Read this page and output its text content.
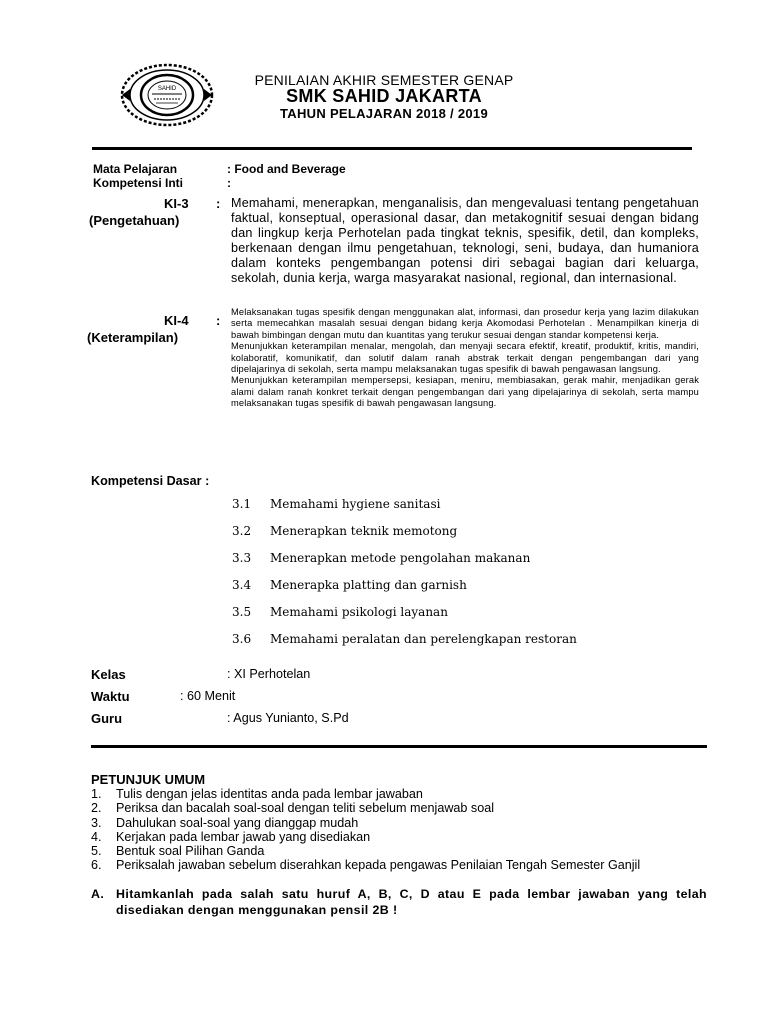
SAHID
PENILAIAN AKHIR SEMESTER GENAP
SMK SAHID JAKARTA
TAHUN PELAJARAN 2018 / 2019
Mata Pelajaran	: Food and Beverage
Kompetensi Inti	:
KI-3 :
(Pengetahuan)
Memahami, menerapkan, menganalisis, dan mengevaluasi tentang pengetahuan faktual, konseptual, operasional dasar, dan metakognitif sesuai dengan bidang dan lingkup kerja Perhotelan pada tingkat teknis, spesifik, detil, dan kompleks, berkenaan dengan ilmu pengetahuan, teknologi, seni, budaya, dan humaniora dalam konteks pengembangan potensi diri sebagai bagian dari keluarga, sekolah, dunia kerja, warga masyarakat nasional, regional, dan internasional.
KI-4 :
(Keterampilan)

Melaksanakan tugas spesifik dengan menggunakan alat, informasi, dan prosedur kerja yang lazim dilakukan serta memecahkan masalah sesuai dengan bidang kerja Akomodasi Perhotelan . Menampilkan kinerja di bawah bimbingan dengan mutu dan kuantitas yang terukur sesuai dengan standar kompetensi kerja.

Menunjukkan keterampilan menalar, mengolah, dan menyaji secara efektif, kreatif, produktif, kritis, mandiri, kolaboratif, komunikatif, dan solutif dalam ranah abstrak terkait dengan pengembangan dari yang dipelajarinya di sekolah, serta mampu melaksanakan tugas spesifik di bawah pengawasan langsung.

Menunjukkan keterampilan mempersepsi, kesiapan, meniru, membiasakan, gerak mahir, menjadikan gerak alami dalam ranah konkret terkait dengan pengembangan dari yang dipelajarinya di sekolah, serta mampu melaksanakan tugas spesifik di bawah pengawasan langsung.

Kompetensi Dasar :
3.1	Memahami hygiene sanitasi
3.2	Menerapkan teknik memotong
3.3	Menerapkan metode pengolahan makanan
3.4	Menerapka platting dan garnish
3.5	Memahami psikologi layanan
3.6	Memahami peralatan dan perelengkapan restoran
Kelas	: XI Perhotelan
Waktu	: 60 Menit
Guru	: Agus Yunianto, S.Pd
PETUNJUK UMUM
1.	Tulis dengan jelas identitas anda pada lembar jawaban
2.	Periksa dan bacalah soal-soal dengan teliti sebelum menjawab soal
3.	Dahulukan soal-soal yang dianggap mudah
4.	Kerjakan pada lembar jawab yang disediakan
5.	Bentuk soal Pilihan Ganda
6.	Periksalah jawaban sebelum diserahkan kepada pengawas Penilaian Tengah Semester Ganjil
A. Hitamkanlah pada salah satu huruf A, B, C, D atau E pada lembar jawaban yang telah disediakan dengan menggunakan pensil 2B !
